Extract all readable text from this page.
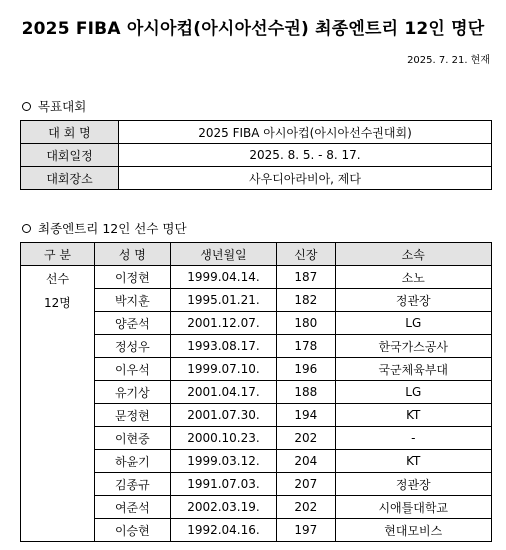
2025 FIBA 아시아컵(아시아선수권) 최종엔트리 12인 명단
2025. 7. 21. 현재
목표대회
대 회 명	2025 FIBA 아시아컵(아시아선수권대회)
대회일정	2025. 8. 5. - 8. 17.
대회장소	사우디아라비아, 제다
최종엔트리 12인 선수 명단
구 분	성 명	생년월일	신장	소속

선수
12명	이정현	1999.04.14.	187	소노
	박지훈	1995.01.21.	182	정관장
	양준석	2001.12.07.	180	LG
	정성우	1993.08.17.	178	한국가스공사
	이우석	1999.07.10.	196	국군체육부대
	유기상	2001.04.17.	188	LG
	문정현	2001.07.30.	194	KT
	이현중	2000.10.23.	202	-
	하윤기	1999.03.12.	204	KT
	김종규	1991.07.03.	207	정관장
	여준석	2002.03.19.	202	시애틀대학교
	이승현	1992.04.16.	197	현대모비스
